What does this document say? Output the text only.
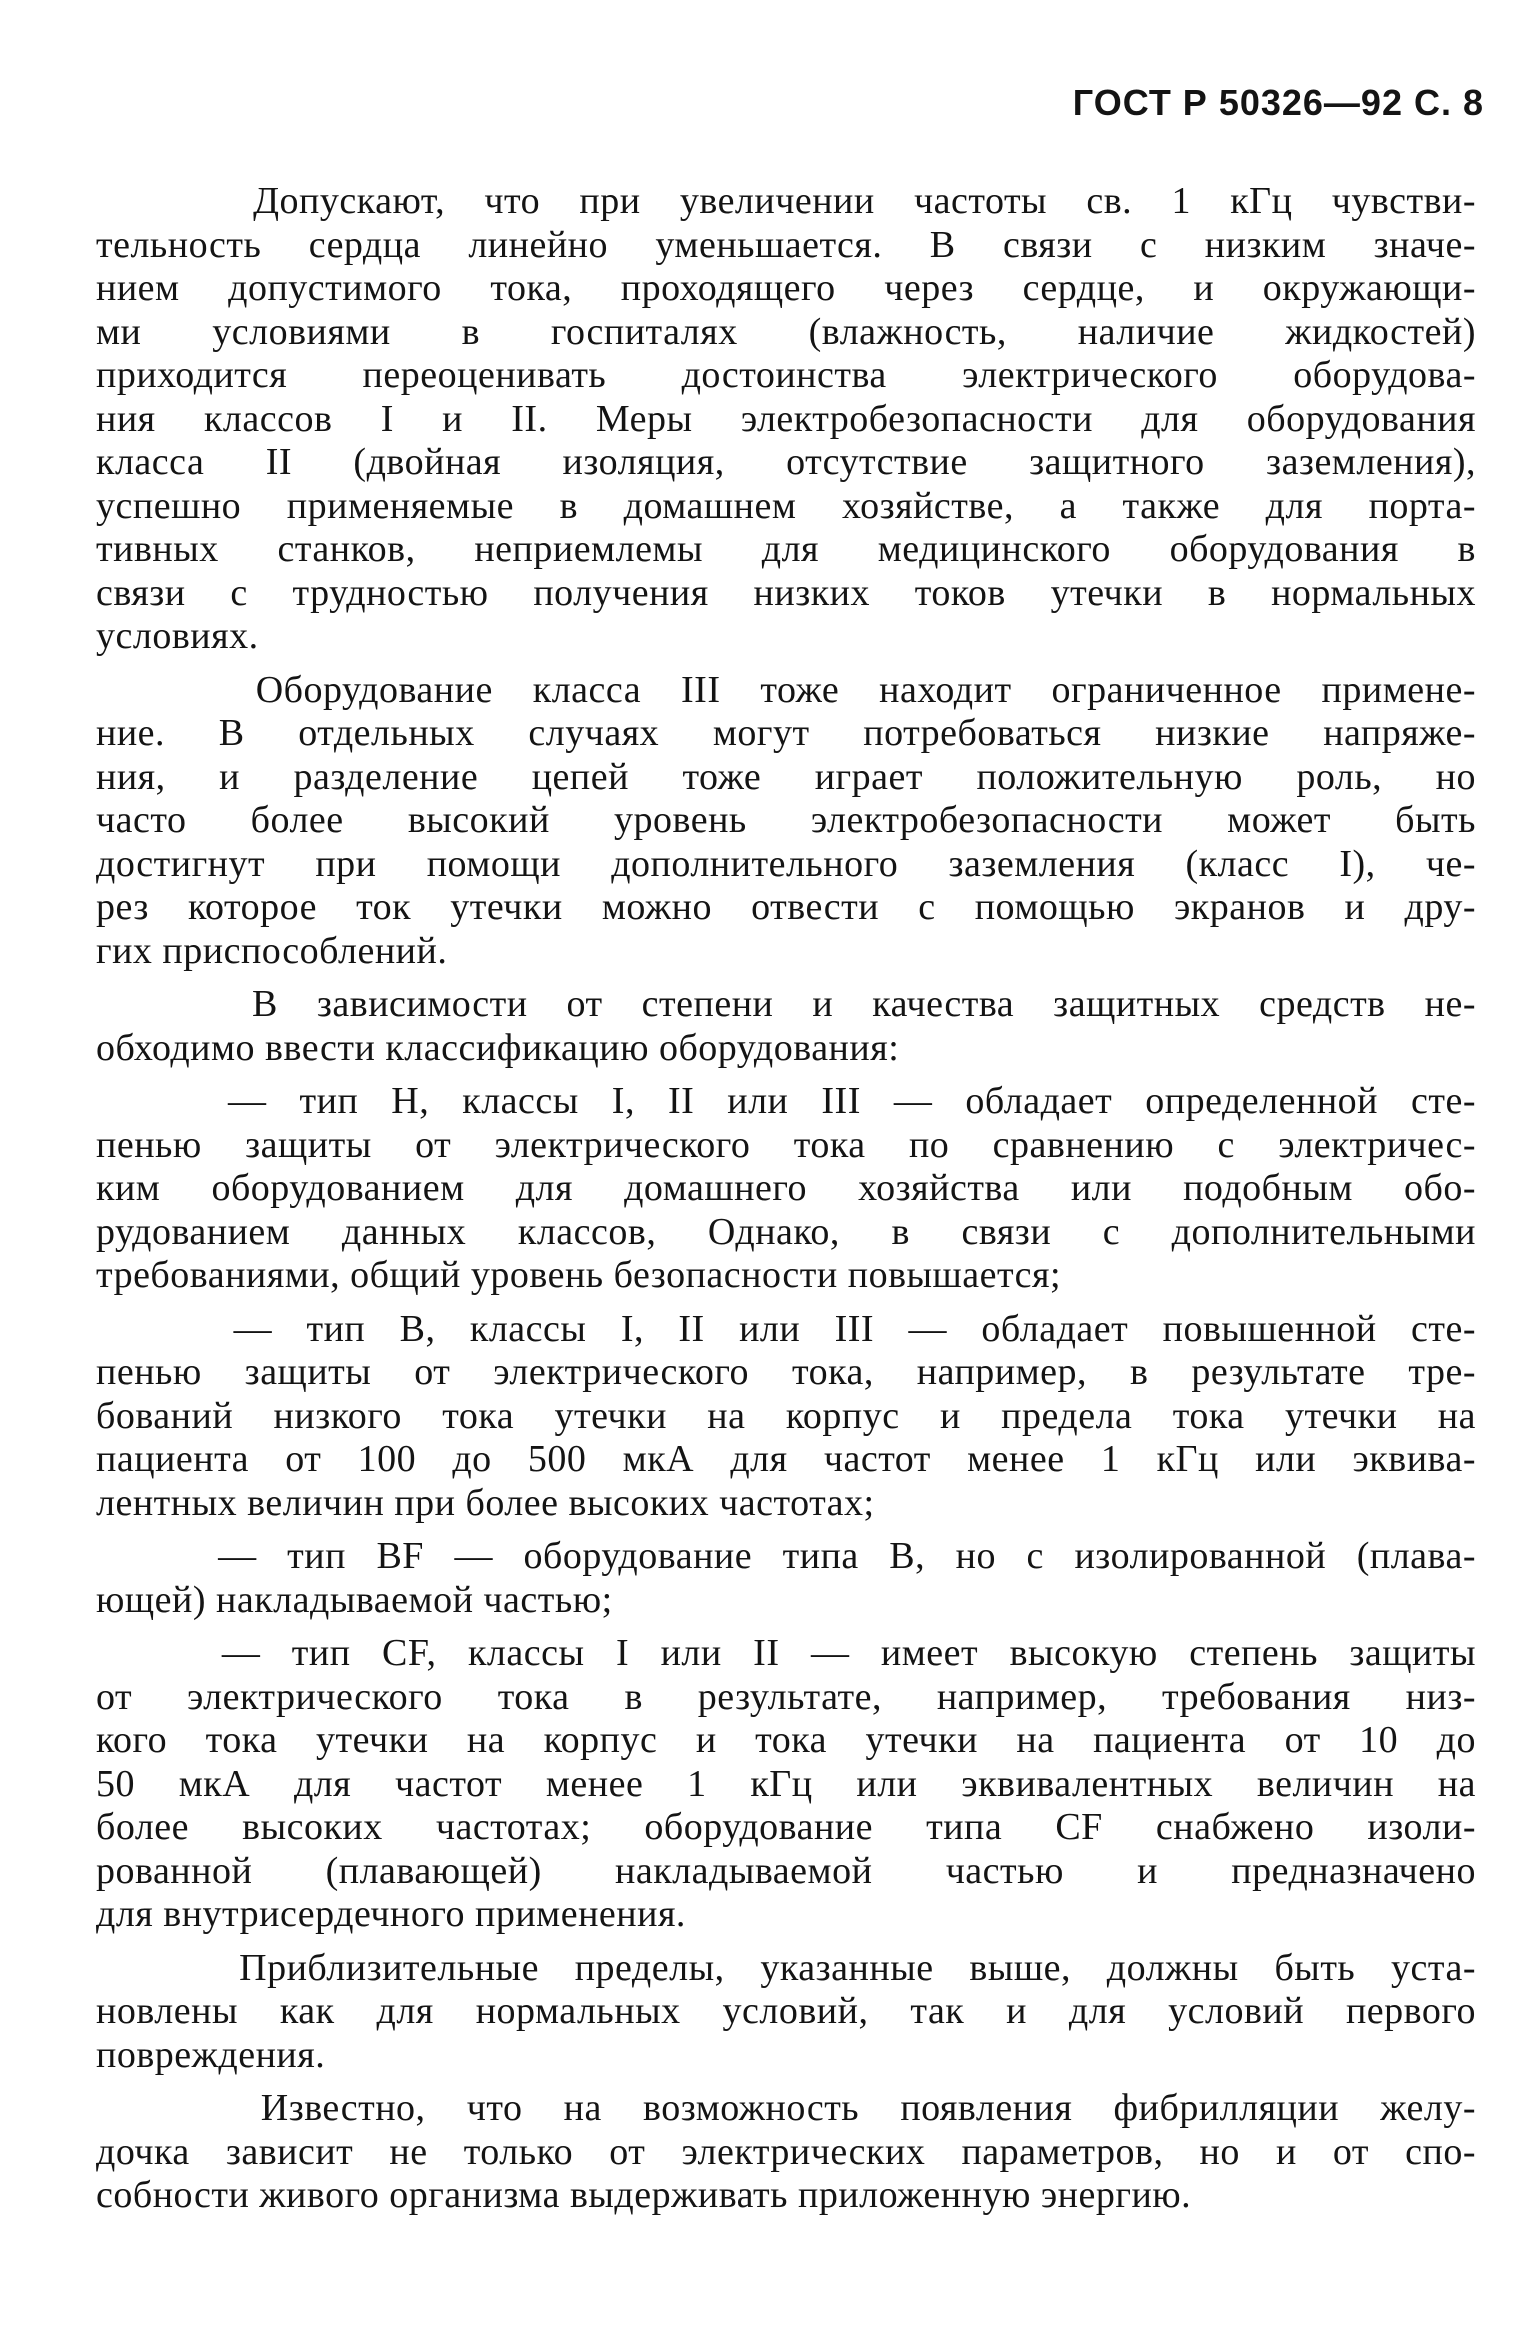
ГОСТ Р 50326—92 С. 8
Допускают, что при увеличении частоты св. 1 кГц чувстви-
тельность сердца линейно уменьшается. В связи с низким значе-
нием допустимого тока, проходящего через сердце, и окружающи-
ми условиями в госпиталях (влажность, наличие жидкостей)
приходится переоценивать достоинства электрического оборудова-
ния классов I и II. Меры электробезопасности для оборудования
класса II (двойная изоляция, отсутствие защитного заземления),
успешно применяемые в домашнем хозяйстве, а также для порта-
тивных станков, неприемлемы для медицинского оборудования в
связи с трудностью получения низких токов утечки в нормальных
условиях.
Оборудование класса III тоже находит ограниченное примене-
ние. В отдельных случаях могут потребоваться низкие напряже-
ния, и разделение цепей тоже играет положительную роль, но
часто более высокий уровень электробезопасности может быть
достигнут при помощи дополнительного заземления (класс I), че-
рез которое ток утечки можно отвести с помощью экранов и дру-
гих приспособлений.
В зависимости от степени и качества защитных средств не-
обходимо ввести классификацию оборудования:
— тип Н, классы I, II или III — обладает определенной сте-
пенью защиты от электрического тока по сравнению с электричес-
ким оборудованием для домашнего хозяйства или подобным обо-
рудованием данных классов, Однако, в связи с дополнительными
требованиями, общий уровень безопасности повышается;
— тип В, классы I, II или III — обладает повышенной сте-
пенью защиты от электрического тока, например, в результате тре-
бований низкого тока утечки на корпус и предела тока утечки на
пациента от 100 до 500 мкА для частот менее 1 кГц или эквива-
лентных величин при более высоких частотах;
— тип ВF — оборудование типа В, но с изолированной (плава-
ющей) накладываемой частью;
— тип СF, классы I или II — имеет высокую степень защиты
от электрического тока в результате, например, требования низ-
кого тока утечки на корпус и тока утечки на пациента от 10 до
50 мкА для частот менее 1 кГц или эквивалентных величин на
более высоких частотах; оборудование типа СF снабжено изоли-
рованной (плавающей) накладываемой частью и предназначено
для внутрисердечного применения.
Приблизительные пределы, указанные выше, должны быть уста-
новлены как для нормальных условий, так и для условий первого
повреждения.
Известно, что на возможность появления фибрилляции желу-
дочка зависит не только от электрических параметров, но и от спо-
собности живого организма выдерживать приложенную энергию.
